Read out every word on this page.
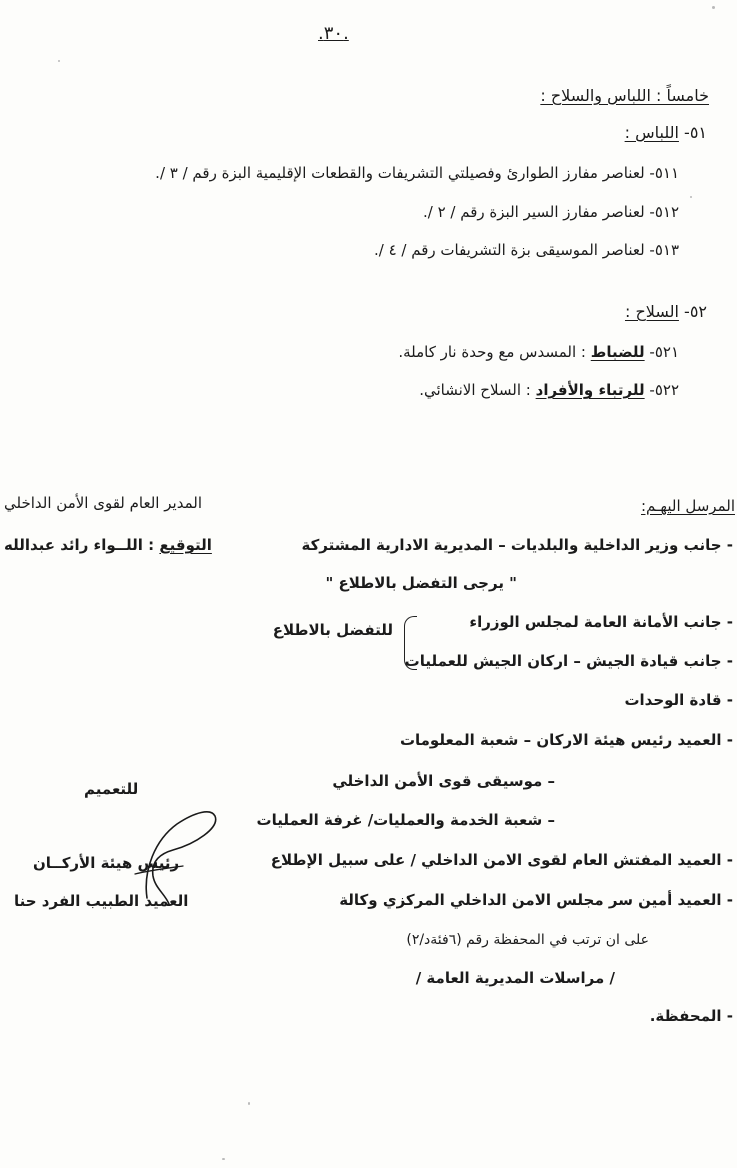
.٣٠.
خامساً : اللباس والسلاح :
٥١- اللباس :
٥١١- لعناصر مفارز الطوارئ وفصيلتي التشريفات والقطعات الإقليمية البزة رقم / ٣ /.
٥١٢- لعناصر مفارز السير البزة رقم / ٢ /.
٥١٣- لعناصر الموسيقى بزة التشريفات رقم / ٤ /.
٥٢- السلاح :
٥٢١- للضباط : المسدس مع وحدة نار كاملة.
٥٢٢- للرتباء والأفراد : السلاح الانشائي.
المدير العام لقوى الأمن الداخلي
التوقيع : اللــواء رائد عبدالله
المرسل اليهـم:
- جانب وزير الداخلية والبلديات – المديرية الادارية المشتركة
" يرجى التفضل بالاطلاع "
- جانب الأمانة العامة لمجلس الوزراء
- جانب قيادة الجيش – اركان الجيش للعمليات
للتفضل بالاطلاع
- قادة الوحدات
- العميد رئيس هيئة الاركان – شعبة المعلومات
– موسيقى قوى الأمن الداخلي
– شعبة الخدمة والعمليات/ غرفة العمليات
- العميد المفتش العام لقوى الامن الداخلي / على سبيل الإطلاع
- العميد أمين سر مجلس الامن الداخلي المركزي وكالة
على ان ترتب في المحفظة رقم (٦فئةد/٢)
/ مراسلات المديرية العامة /
- المحفظة.
للتعميم
رئيس هيئة الأركــان
العميد الطبيب الفرد حنا
